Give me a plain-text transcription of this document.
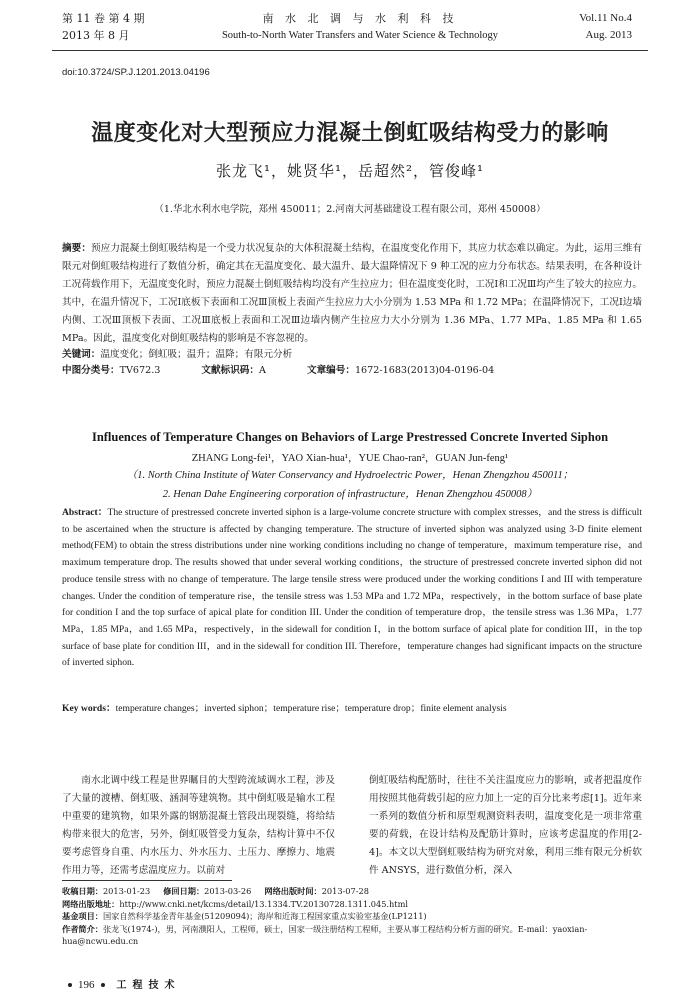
第 11 卷 第 4 期
2013 年 8 月
南 水 北 调 与 水 利 科 技
South-to-North Water Transfers and Water Science & Technology
Vol.11 No.4
Aug. 2013
doi:10.3724/SP.J.1201.2013.04196
温度变化对大型预应力混凝土倒虹吸结构受力的影响
张龙飞¹，姚贤华¹，岳超然²，管俊峰¹
（1.华北水利水电学院，郑州 450011；2.河南大河基础建设工程有限公司，郑州 450008）
摘要：预应力混凝土倒虹吸结构是一个受力状况复杂的大体积混凝土结构，在温度变化作用下，其应力状态难以确定。为此，运用三维有限元对倒虹吸结构进行了数值分析，确定其在无温度变化、最大温升、最大温降情况下 9 种工况的应力分布状态。结果表明，在各种设计工况荷载作用下，无温度变化时，预应力混凝土倒虹吸结构均没有产生拉应力；但在温度变化时，工况Ⅰ和工况Ⅲ均产生了较大的拉应力。其中，在温升情况下，工况Ⅰ底板下表面和工况Ⅲ顶板上表面产生拉应力大小分别为 1.53 MPa 和 1.72 MPa；在温降情况下，工况Ⅰ边墙内侧、工况Ⅲ顶板下表面、工况Ⅲ底板上表面和工况Ⅲ边墙内侧产生拉应力大小分别为 1.36 MPa、1.77 MPa、1.85 MPa 和 1.65 MPa。因此，温度变化对倒虹吸结构的影响是不容忽视的。
关键词：温度变化；倒虹吸；温升；温降；有限元分析
中图分类号：TV672.3	文献标识码：A	文章编号：1672-1683(2013)04-0196-04
Influences of Temperature Changes on Behaviors of Large Prestressed Concrete Inverted Siphon
ZHANG Long-fei¹，YAO Xian-hua¹，YUE Chao-ran²，GUAN Jun-feng¹
（1. North China Institute of Water Conservancy and Hydroelectric Power，Henan Zhengzhou 450011；
2. Henan Dahe Engineering corporation of infrastructure，Henan Zhengzhou 450008）
Abstract：The structure of prestressed concrete inverted siphon is a large-volume concrete structure with complex stresses，and the stress is difficult to be ascertained when the structure is affected by changing temperature. The structure of inverted siphon was analyzed using 3-D finite element method(FEM) to obtain the stress distributions under nine working conditions including no change of temperature，maximum temperature rise，and maximum temperature drop. The results showed that under several working conditions，the structure of prestressed concrete inverted siphon did not produce tensile stress with no change of temperature. The large tensile stress were produced under the working conditions I and III with temperature changes. Under the condition of temperature rise，the tensile stress was 1.53 MPa and 1.72 MPa，respectively，in the bottom surface of base plate for condition I and the top surface of apical plate for condition III. Under the condition of temperature drop，the tensile stress was 1.36 MPa，1.77 MPa，1.85 MPa，and 1.65 MPa，respectively，in the sidewall for condition I，in the bottom surface of apical plate for condition III，in the top surface of base plate for condition III，and in the sidewall for condition III. Therefore，temperature changes had significant impacts on the structure of inverted siphon.
Key words：temperature changes；inverted siphon；temperature rise；temperature drop；finite element analysis
南水北调中线工程是世界瞩目的大型跨流域调水工程，涉及了大量的渡槽、倒虹吸、涵洞等建筑物。其中倒虹吸是输水工程中重要的建筑物，如果外露的钢筋混凝土管段出现裂缝，将给结构带来很大的危害，另外，倒虹吸管受力复杂，结构计算中不仅要考虑管身自重、内水压力、外水压力、土压力、摩擦力、地震作用力等，还需考虑温度应力。以前对
倒虹吸结构配筋时，往往不关注温度应力的影响，或者把温度作用按照其他荷载引起的应力加上一定的百分比来考虑[1]。近年来一系列的数值分析和原型观测资料表明，温度变化是一项非常重要的荷载，在设计结构及配筋计算时，应该考虑温度的作用[2-4]。本文以大型倒虹吸结构为研究对象，利用三维有限元分析软件 ANSYS，进行数值分析，深入
收稿日期：2013-01-23 修回日期：2013-03-26 网络出版时间：2013-07-28
网络出版地址：http://www.cnki.net/kcms/detail/13.1334.TV.20130728.1311.045.html
基金项目：国家自然科学基金青年基金(51209094)；海岸和近海工程国家重点实验室基金(LP1211)
作者简介：张龙飞(1974-)，男，河南濮阳人，工程师，硕士，国家一级注册结构工程师，主要从事工程结构分析方面的研究。E-mail：yaoxian-hua@ncwu.edu.cn
196 工程技术
